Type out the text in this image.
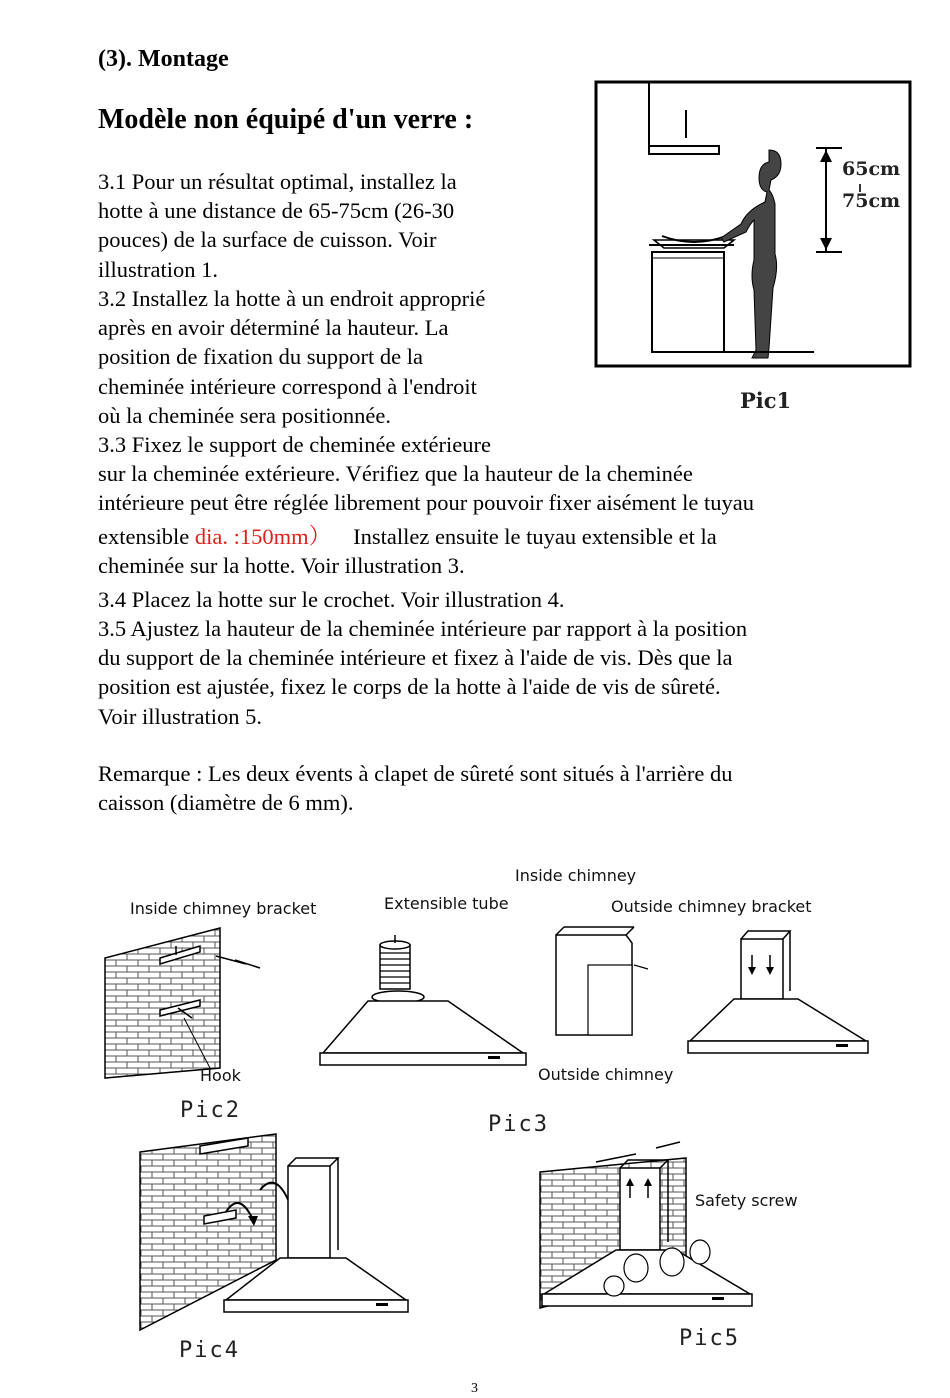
(3). Montage
Modèle non équipé d'un verre :
3.1 Pour un résultat optimal, installez la
hotte à une distance de 65-75cm (26-30
pouces) de la surface de cuisson. Voir
illustration 1.
3.2 Installez la hotte à un endroit approprié
après en avoir déterminé la hauteur. La
position de fixation du support de la
cheminée intérieure correspond à l'endroit
où la cheminée sera positionnée.
3.3 Fixez le support de cheminée extérieure
sur la cheminée extérieure. Vérifiez que la hauteur de la cheminée
intérieure peut être réglée librement pour pouvoir fixer aisément le tuyau
extensible dia. :150mm） Installez ensuite le tuyau extensible et la
cheminée sur la hotte. Voir illustration 3.
3.4 Placez la hotte sur le crochet. Voir illustration 4.
3.5 Ajustez la hauteur de la cheminée intérieure par rapport à la position
du support de la cheminée intérieure et fixez à l'aide de vis. Dès que la
position est ajustée, fixez le corps de la hotte à l'aide de vis de sûreté.
Voir illustration 5.
Remarque : Les deux évents à clapet de sûreté sont situés à l'arrière du
caisson (diamètre de 6 mm).
65cm
75cm
Pic1
Inside chimney bracket
Hook
Pic2
Inside chimney
Extensible tube	Outside chimney bracket
Outside chimney
Pic3
Pic4
Safety screw
Pic5
3
